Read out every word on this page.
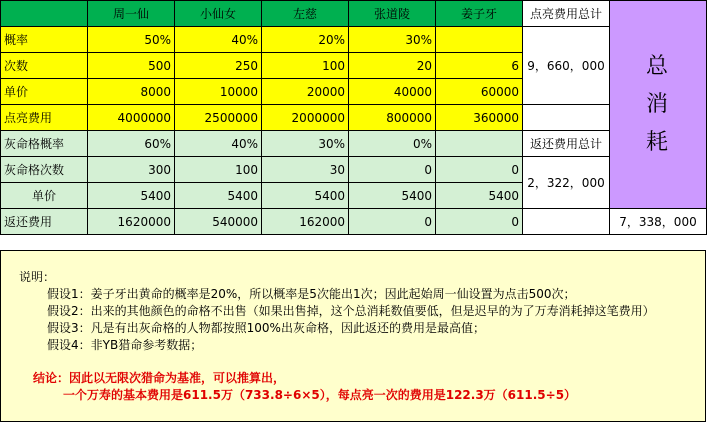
	周一仙	小仙女	左慈	张道陵	姜子牙	点亮费用总计	总
消
耗

概率	50%	40%	20%	30%		9，660，000	
次数	500	250	100	20	6		
单价	8000	10000	20000	40000	60000		
点亮费用	4000000	2500000	2000000	800000	360000		
灰命格概率	60%	40%	30%	0%		返还费用总计	
灰命格次数	300	100	30	0	0	2，322，000	
单价	5400	5400	5400	5400	5400		
返还费用	1620000	540000	162000	0	0		7，338，000
说明：
假设1：姜子牙出黄命的概率是20%，所以概率是5次能出1次；因此起始周一仙设置为点击500次；
假设2：出来的其他颜色的命格不出售（如果出售掉，这个总消耗数值要低，但是迟早的为了万寿消耗掉这笔费用）
假设3：凡是有出灰命格的人物都按照100%出灰命格，因此返还的费用是最高值；
假设4：非YB猎命参考数据；
结论：因此以无限次猎命为基准，可以推算出，
一个万寿的基本费用是611.5万（733.8÷6×5），每点亮一次的费用是122.3万（611.5÷5）
